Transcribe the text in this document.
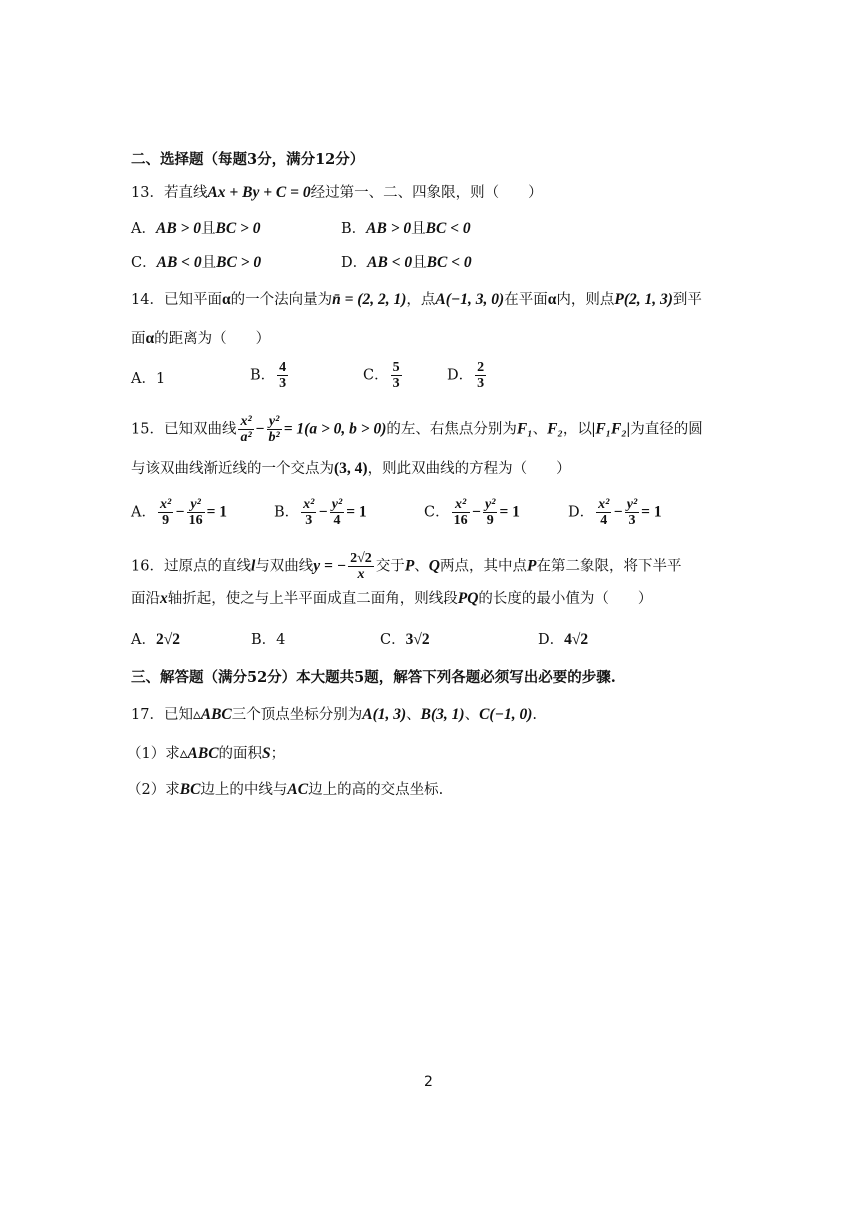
二、选择题（每题3分，满分12分）
13．若直线Ax + By + C = 0经过第一、二、四象限，则（　　）
A．AB > 0且BC > 0	B．AB > 0且BC < 0
C．AB < 0且BC > 0	D．AB < 0且BC < 0
14．已知平面α的一个法向量为n̄ = (2, 2, 1)，点A(−1, 3, 0)在平面α内，则点P(2, 1, 3)到平
面α的距离为（　　）
A．1	B． $\frac{4}{3}$	C． $\frac{5}{3}$	D． $\frac{2}{3}$
15．已知双曲线 $\frac{\text{x²}}{\text{a²}} - \frac{\text{y²}}{\text{b²}} = 1(a > 0$, b > 0)的左、右焦点分别为F₁、F₂，以|F₁F₂|为直径的圆
与该双曲线渐近线的一个交点为(3, 4)，则此双曲线的方程为（　　）
A． $\frac{\text{x²}}{9} - \frac{\text{y²}}{16} = 1$	B． $\frac{\text{x²}}{3} - \frac{\text{y²}}{4} = 1$	C． $\frac{\text{x²}}{16} - \frac{\text{y²}}{9} = 1$	D． $\frac{\text{x²}}{4} - \frac{\text{y²}}{3} = 1$
16．过原点的直线l与双曲线y = − $\frac{2√2}{x}$ 交于P、Q两点，其中点P在第二象限，将下半平
面沿x轴折起，使之与上半平面成直二面角，则线段PQ的长度的最小值为（　　）
A．2√2	B．4	C．3√2	D．4√2
三、解答题（满分52分）本大题共5题，解答下列各题必须写出必要的步骤.
17．已知▵ABC三个顶点坐标分别为A(1, 3)、B(3, 1)、C(−1, 0).
（1）求▵ABC的面积S；
（2）求BC边上的中线与AC边上的高的交点坐标.
2
